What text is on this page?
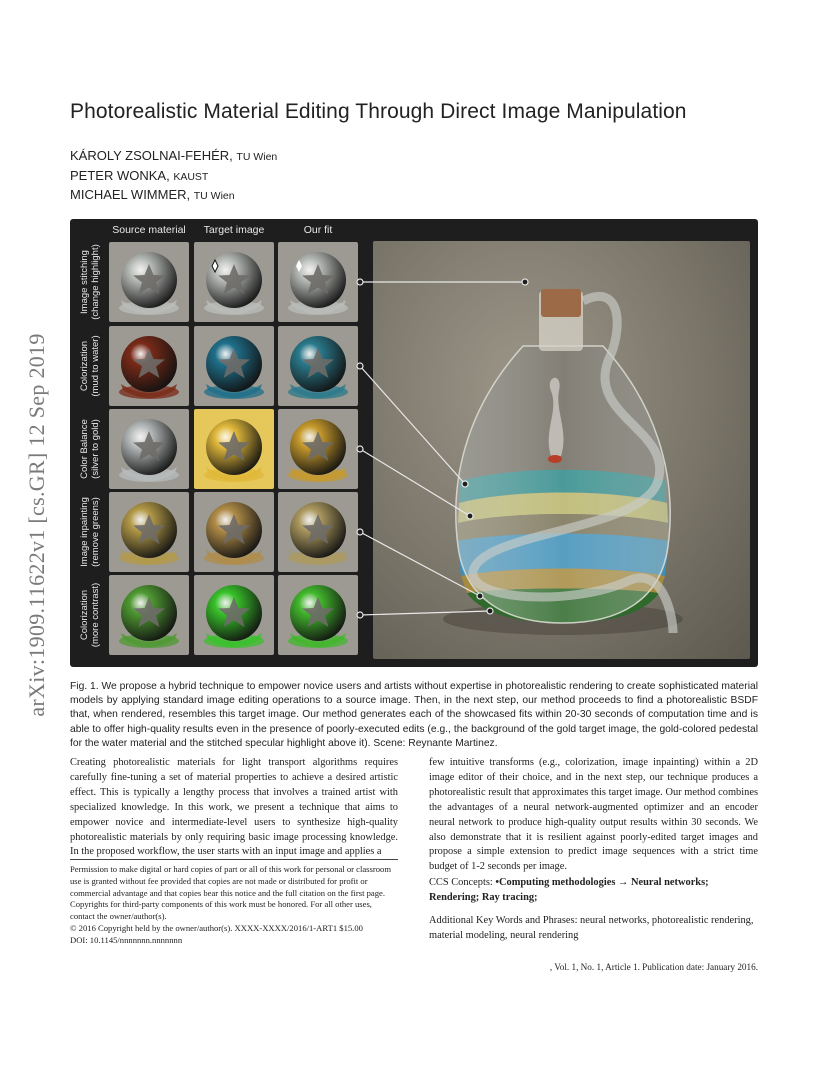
arXiv:1909.11622v1 [cs.GR] 12 Sep 2019
Photorealistic Material Editing Through Direct Image Manipulation
KÁROLY ZSOLNAI-FEHÉR, TU Wien
PETER WONKA, KAUST
MICHAEL WIMMER, TU Wien
Source material	Target image	Our fit
Image stitching (change highlight)
Colorization (mud to water)
Color Balance (silver to gold)
Image inpainting (remove greens)
Colorization (more contrast)
Fig. 1. We propose a hybrid technique to empower novice users and artists without expertise in photorealistic rendering to create sophisticated material models by applying standard image editing operations to a source image. Then, in the next step, our method proceeds to find a photorealistic BSDF that, when rendered, resembles this target image. Our method generates each of the showcased fits within 20-30 seconds of computation time and is able to offer high-quality results even in the presence of poorly-executed edits (e.g., the background of the gold target image, the gold-colored pedestal for the water material and the stitched specular highlight above it). Scene: Reynante Martinez.
Creating photorealistic materials for light transport algorithms requires carefully fine-tuning a set of material properties to achieve a desired artistic effect. This is typically a lengthy process that involves a trained artist with specialized knowledge. In this work, we present a technique that aims to empower novice and intermediate-level users to synthesize high-quality photorealistic materials by only requiring basic image processing knowledge. In the proposed workflow, the user starts with an input image and applies a
Permission to make digital or hard copies of part or all of this work for personal or classroom use is granted without fee provided that copies are not made or distributed for profit or commercial advantage and that copies bear this notice and the full citation on the first page. Copyrights for third-party components of this work must be honored. For all other uses, contact the owner/author(s).
© 2016 Copyright held by the owner/author(s). XXXX-XXXX/2016/1-ART1 $15.00
DOI: 10.1145/nnnnnnn.nnnnnnn
few intuitive transforms (e.g., colorization, image inpainting) within a 2D image editor of their choice, and in the next step, our technique produces a photorealistic result that approximates this target image. Our method combines the advantages of a neural network-augmented optimizer and an encoder neural network to produce high-quality output results within 30 seconds. We also demonstrate that it is resilient against poorly-edited target images and propose a simple extension to predict image sequences with a strict time budget of 1-2 seconds per image.
CCS Concepts: •Computing methodologies → Neural networks; Rendering; Ray tracing;
Additional Key Words and Phrases: neural networks, photorealistic rendering, material modeling, neural rendering
, Vol. 1, No. 1, Article 1. Publication date: January 2016.
